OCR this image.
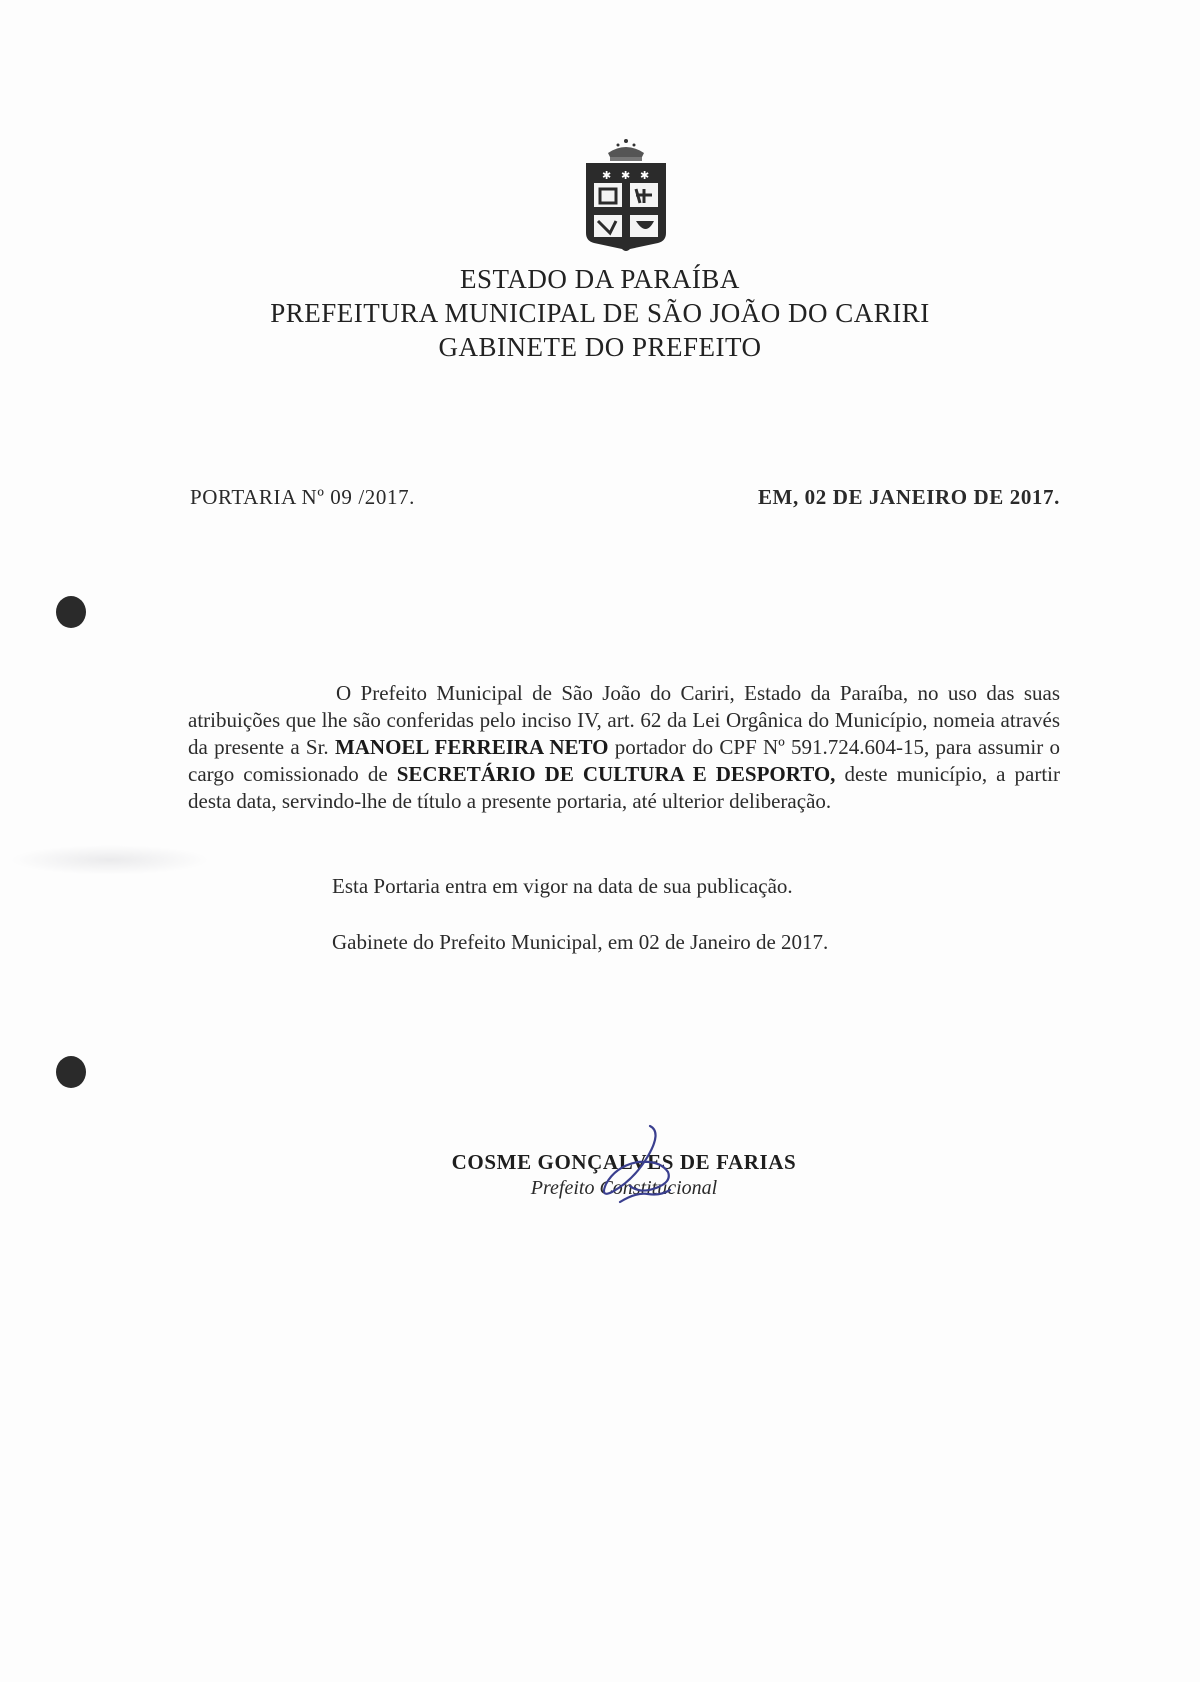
✱ ✱ ✱
ESTADO DA PARAÍBA
PREFEITURA MUNICIPAL DE SÃO JOÃO DO CARIRI
GABINETE DO PREFEITO
PORTARIA Nº 09 /2017.	EM, 02 DE JANEIRO DE 2017.
O Prefeito Municipal de São João do Cariri, Estado da Paraíba, no uso das suas atribuições que lhe são conferidas pelo inciso IV, art. 62 da Lei Orgânica do Município, nomeia através da presente a Sr. MANOEL FERREIRA NETO portador do CPF Nº 591.724.604-15, para assumir o cargo comissionado de SECRETÁRIO DE CULTURA E DESPORTO, deste município, a partir desta data, servindo-lhe de título a presente portaria, até ulterior deliberação.
Esta Portaria entra em vigor na data de sua publicação.
Gabinete do Prefeito Municipal, em 02 de Janeiro de 2017.
COSME GONÇALVES DE FARIAS
Prefeito Constitucional
